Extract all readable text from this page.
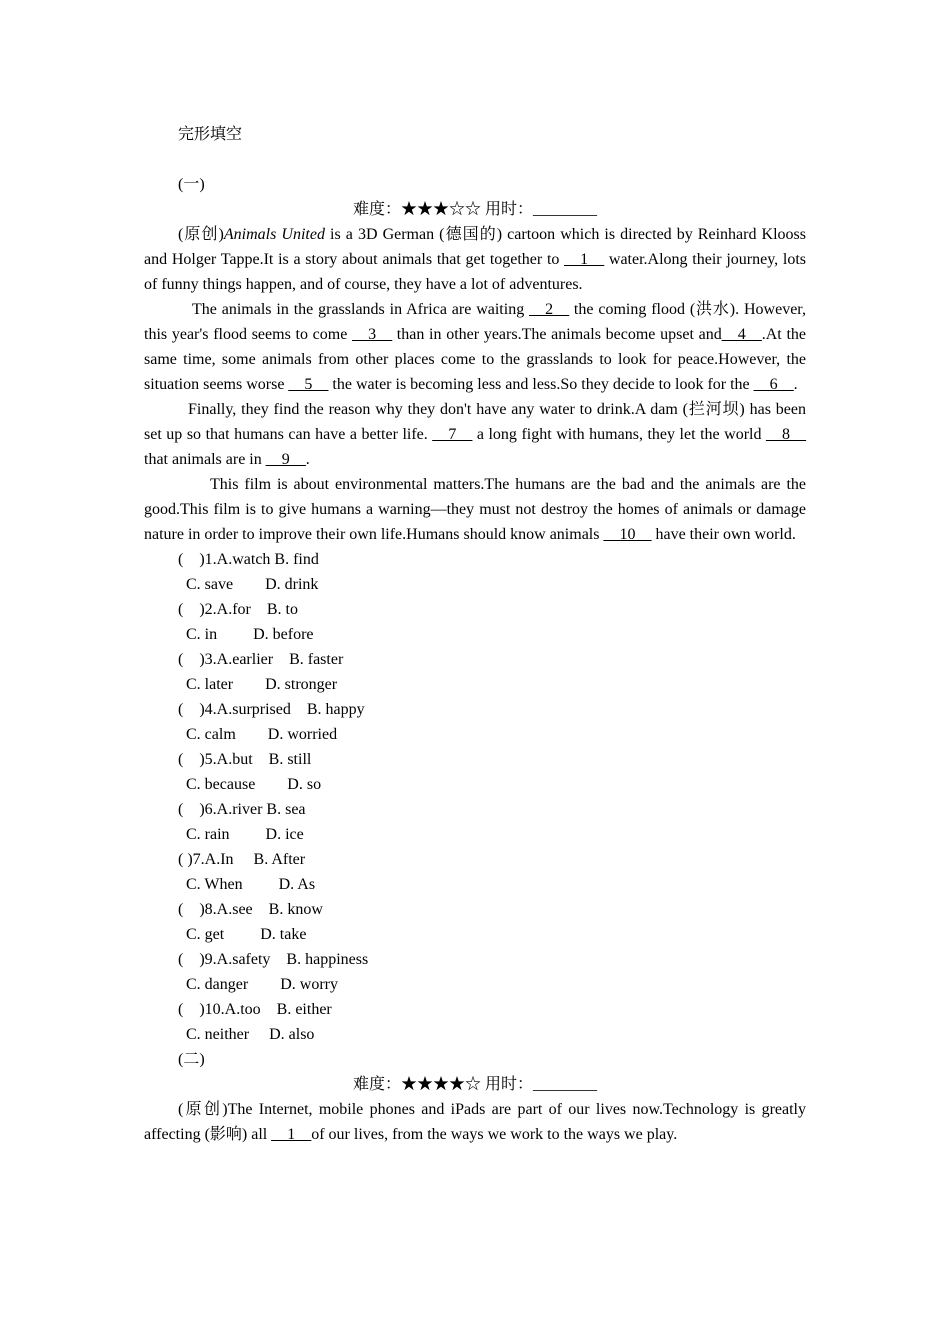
完形填空
(一)
难度：★★★☆☆ 用时：________
(原创)Animals United is a 3D German (德国的) cartoon which is directed by Reinhard Klooss and Holger Tappe.It is a story about animals that get together to __1__ water.Along their journey, lots of funny things happen, and of course, they have a lot of adventures.
The animals in the grasslands in Africa are waiting __2__ the coming flood (洪水). However, this year's flood seems to come __3__ than in other years.The animals become upset and__4__.At the same time, some animals from other places come to the grasslands to look for peace.However, the situation seems worse __5__ the water is becoming less and less.So they decide to look for the __6__.
Finally, they find the reason why they don't have any water to drink.A dam (拦河坝) has been set up so that humans can have a better life. __7__ a long fight with humans, they let the world __8__ that animals are in __9__.
This film is about environmental matters.The humans are the bad and the animals are the good.This film is to give humans a warning—they must not destroy the homes of animals or damage nature in order to improve their own life.Humans should know animals __10__ have their own world.
(　)1.A.watch B. find
C. save　　D. drink
(　)2.A.for　B. to
C. in　　 D. before
(　)3.A.earlier　B. faster
C. later　　D. stronger
(　)4.A.surprised　B. happy
C. calm　　D. worried
(　)5.A.but　B. still
C. because　　D. so
(　)6.A.river B. sea
C. rain　　 D. ice
( )7.A.In　 B. After
C. When　　 D. As
(　)8.A.see　B. know
C. get　　 D. take
(　)9.A.safety　B. happiness
C. danger　　D. worry
(　)10.A.too　B. either
C. neither　 D. also
(二)
难度：★★★★☆ 用时：________
(原创)The Internet, mobile phones and iPads are part of our lives now.Technology is greatly affecting (影响) all __1__of our lives, from the ways we work to the ways we play.
